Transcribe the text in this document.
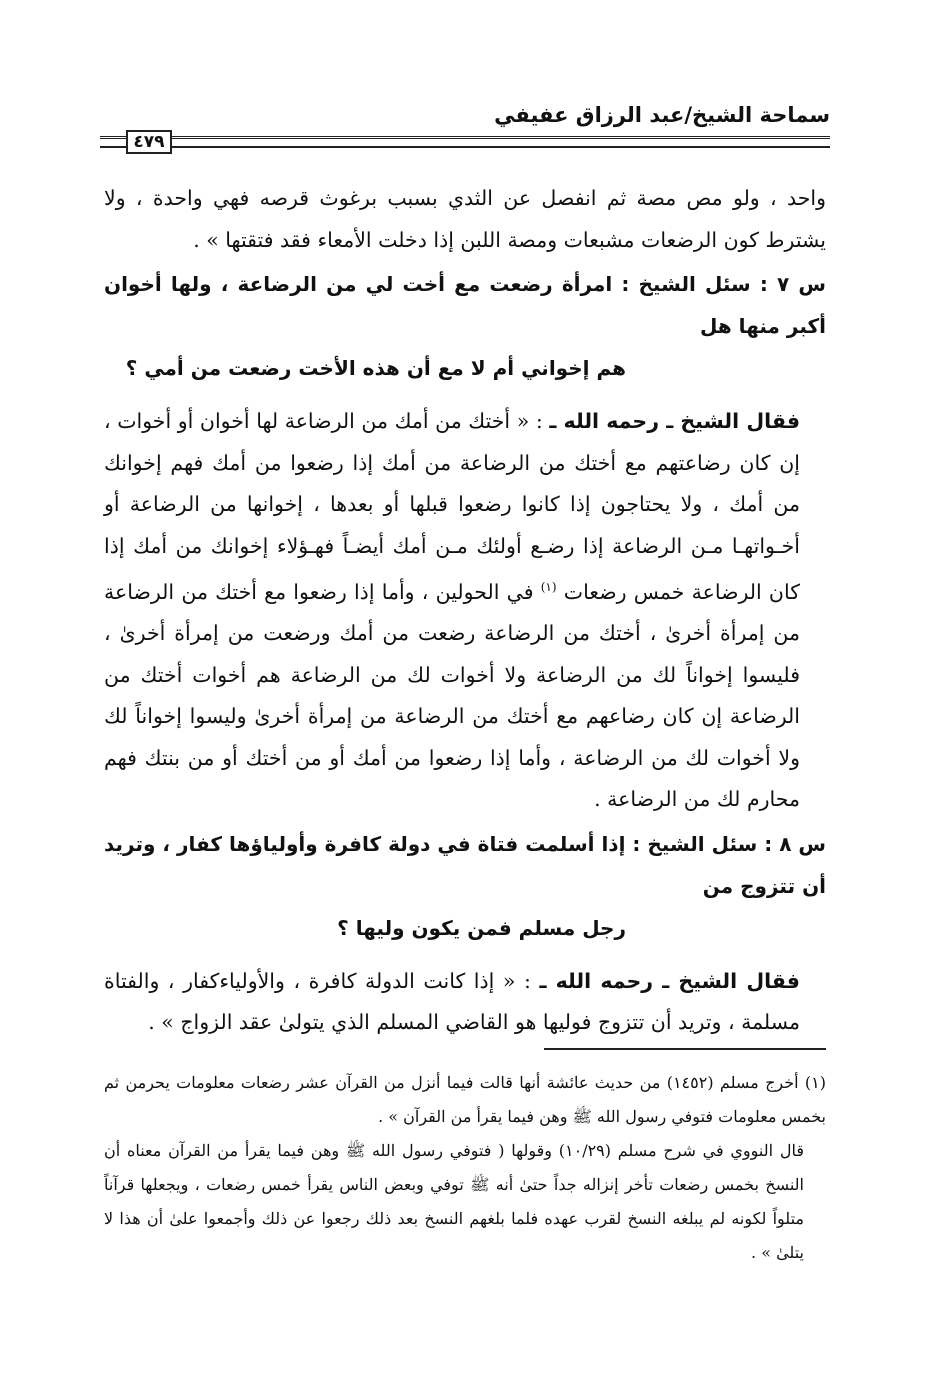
سماحة الشيخ/عبد الرزاق عفيفي
٤٧٩

واحد ، ولو مص مصة ثم انفصل عن الثدي بسبب برغوث قرصه فهي واحدة ، ولا يشترط كون الرضعات مشبعات ومصة اللبن إذا دخلت الأمعاء فقد فتقتها » .

س ٧ : سئل الشيخ : امرأة رضعت مع أخت لي من الرضاعة ، ولها أخوان أكبر منها هل
هم إخواني أم لا مع أن هذه الأخت رضعت من أمي ؟

فقال الشيخ ـ رحمه الله ـ : « أختك من أمك من الرضاعة لها أخوان أو أخوات ، إن كان رضاعتهم مع أختك من الرضاعة من أمك إذا رضعوا من أمك فهم إخوانك من أمك ، ولا يحتاجون إذا كانوا رضعوا قبلها أو بعدها ، إخوانها من الرضاعة أو أخـواتهـا مـن الرضاعة إذا رضـع أولئك مـن أمك أيضـاً فهـؤلاء إخوانك من أمك إذا كان الرضاعة خمس رضعات $^{(١)}$ في الحولين ، وأما إذا رضعوا مع أختك من الرضاعة من إمرأة أخرىٰ ، أختك من الرضاعة رضعت من أمك ورضعت من إمرأة أخرىٰ ، فليسوا إخواناً لك من الرضاعة ولا أخوات لك من الرضاعة هم أخوات أختك من الرضاعة إن كان رضاعهم مع أختك من الرضاعة من إمرأة أخرىٰ وليسوا إخواناً لك ولا أخوات لك من الرضاعة ، وأما إذا رضعوا من أمك أو من أختك أو من بنتك فهم محارم لك من الرضاعة .

س ٨ : سئل الشيخ : إذا أسلمت فتاة في دولة كافرة وأولياؤها كفار ، وتريد أن تتزوج من
رجل مسلم فمن يكون وليها ؟

فقال الشيخ ـ رحمه الله ـ : « إذا كانت الدولة كافرة ، والأولياءكفار ، والفتاة مسلمة ، وتريد أن تتزوج فوليها هو القاضي المسلم الذي يتولىٰ عقد الزواج » .

(١) أخرج مسلم (١٤٥٢) من حديث عائشة أنها قالت فيما أنزل من القرآن عشر رضعات معلومات يحرمن ثم بخمس معلومات فتوفي رسول الله ﷺ وهن فيما يقرأ من القرآن » .

قال النووي في شرح مسلم (١٠/٢٩) وقولها ( فتوفي رسول الله ﷺ وهن فيما يقرأ من القرآن معناه أن النسخ بخمس رضعات تأخر إنزاله جداً حتىٰ أنه ﷺ توفي وبعض الناس يقرأ خمس رضعات ، ويجعلها قرآناً متلواً لكونه لم يبلغه النسخ لقرب عهده فلما بلغهم النسخ بعد ذلك رجعوا عن ذلك وأجمعوا علىٰ أن هذا لا يتلىٰ » .
